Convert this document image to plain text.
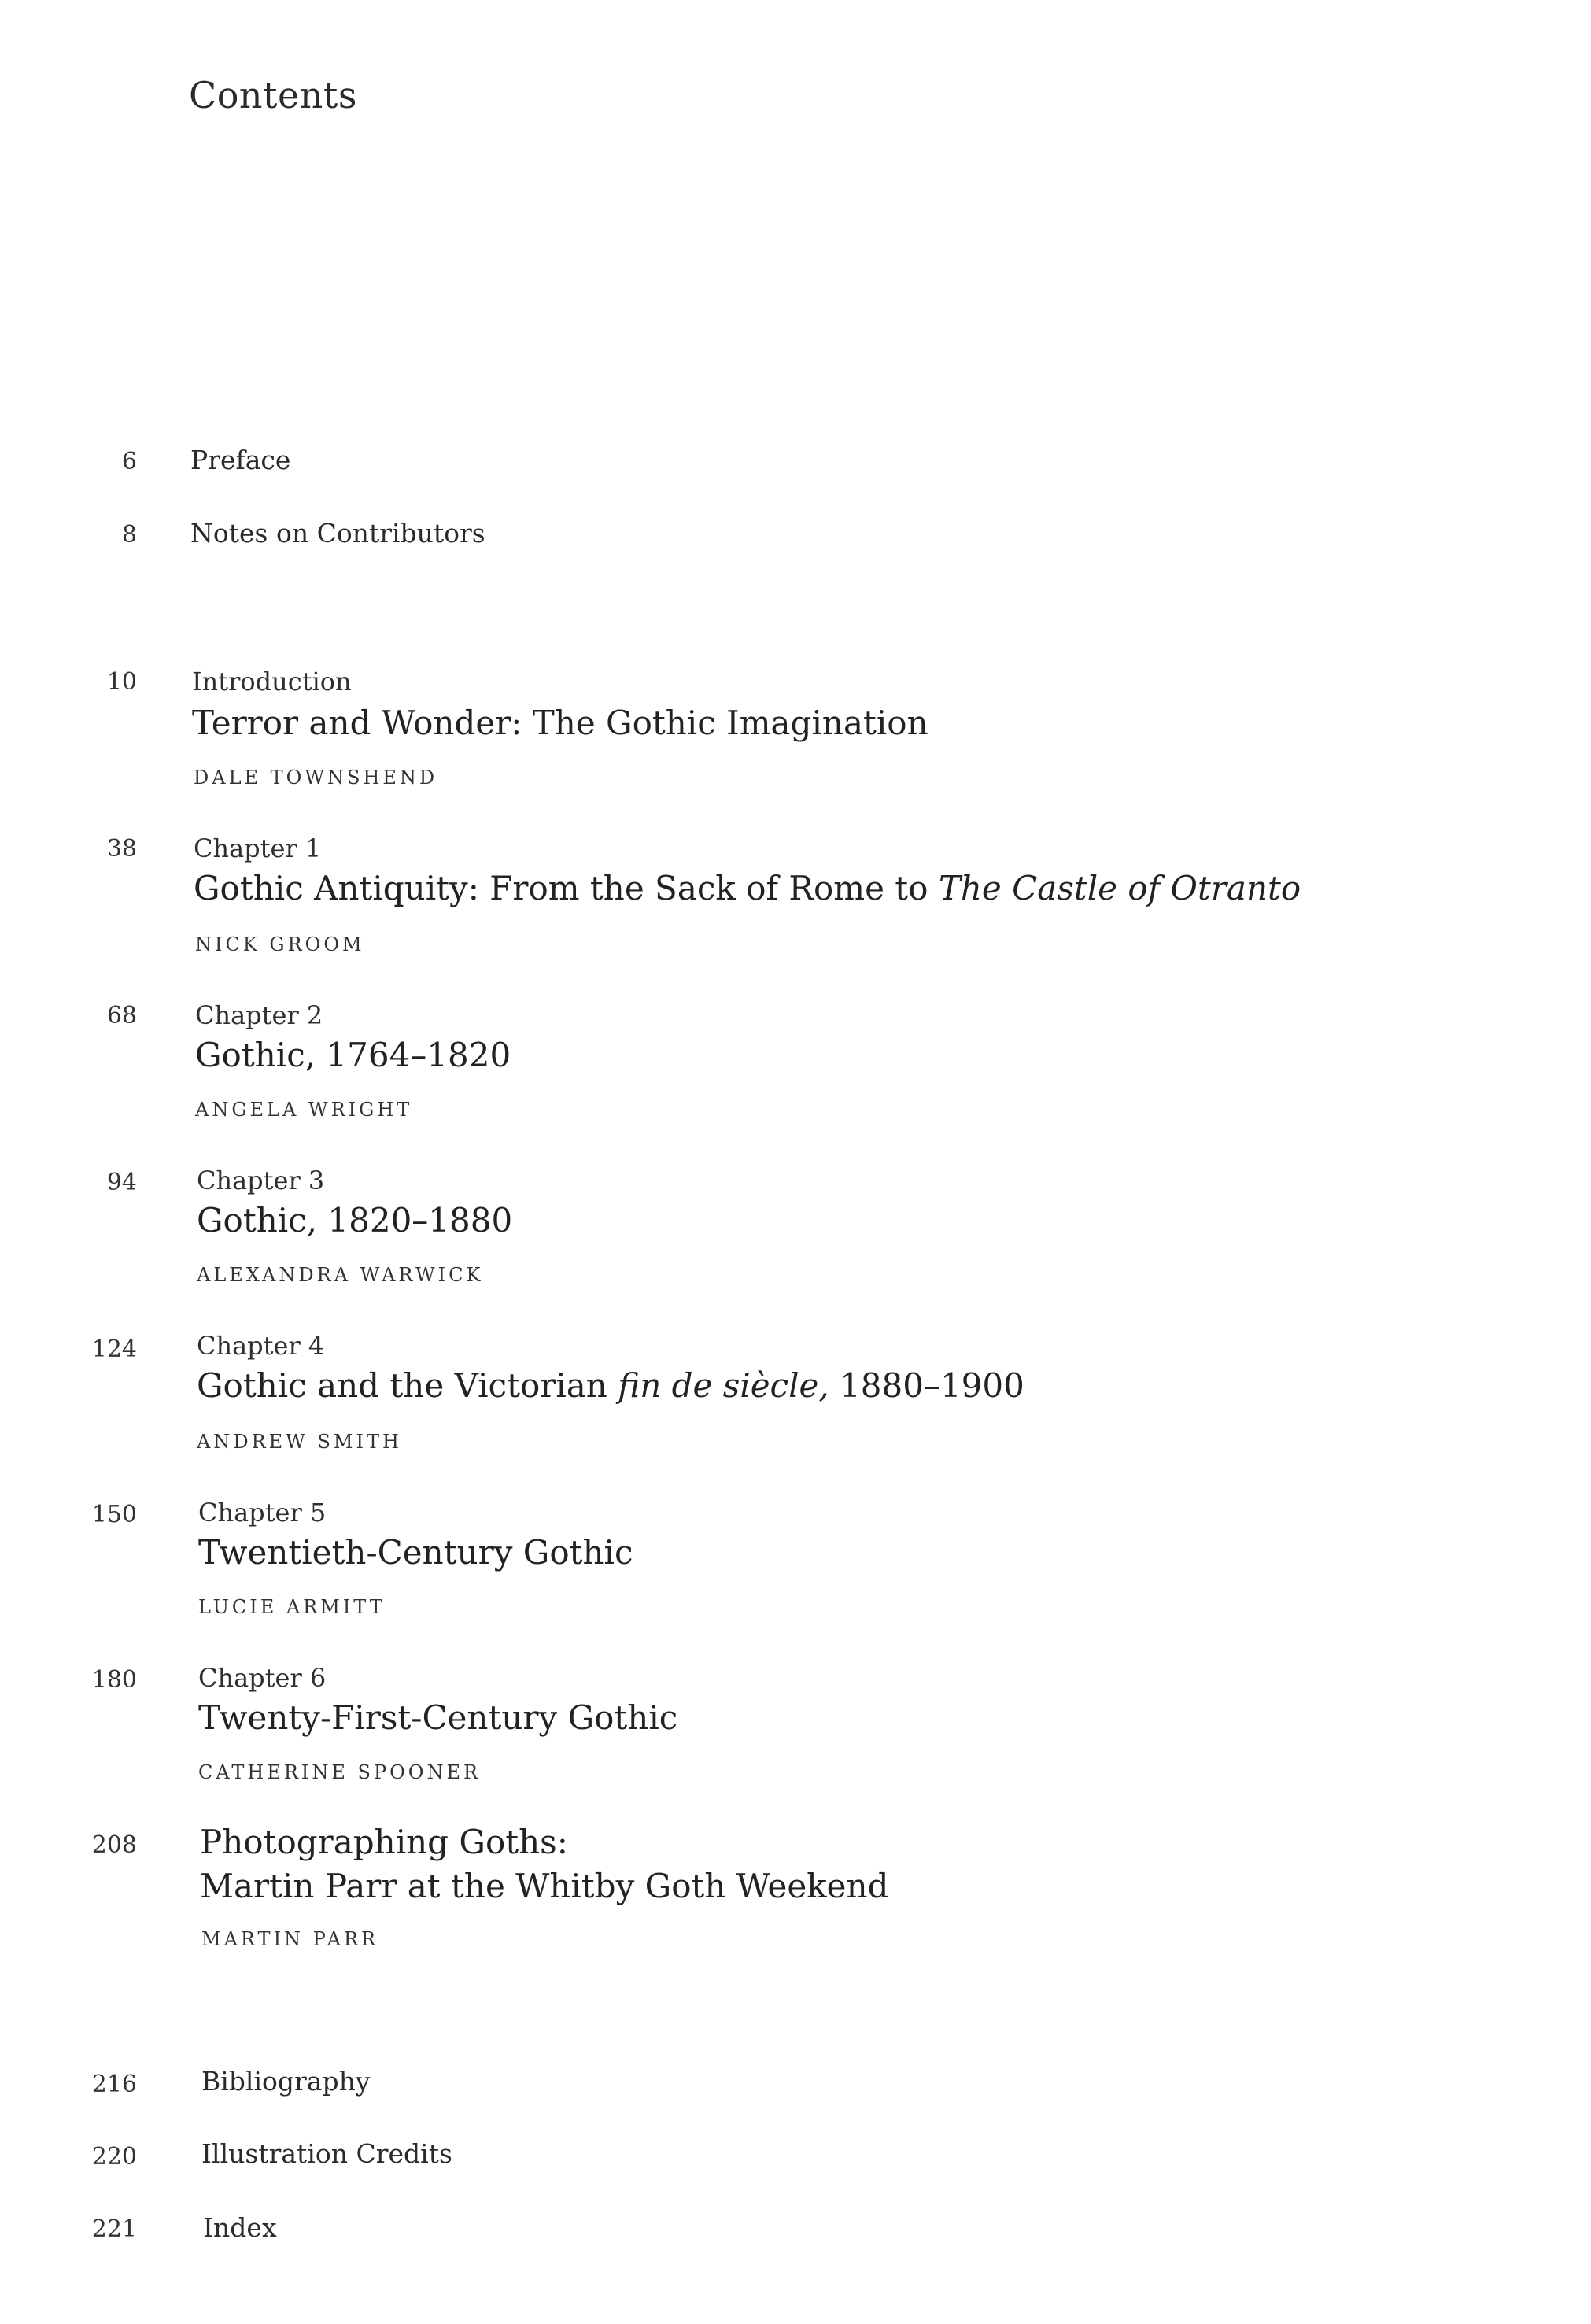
Contents
6 Preface
8 Notes on Contributors
10 Introduction
Terror and Wonder: The Gothic Imagination
DALE TOWNSHEND
38 Chapter 1
Gothic Antiquity: From the Sack of Rome to The Castle of Otranto
NICK GROOM
68 Chapter 2
Gothic, 1764–1820
ANGELA WRIGHT
94 Chapter 3
Gothic, 1820–1880
ALEXANDRA WARWICK
124 Chapter 4
Gothic and the Victorian fin de siècle, 1880–1900
ANDREW SMITH
150 Chapter 5
Twentieth-Century Gothic
LUCIE ARMITT
180 Chapter 6
Twenty-First-Century Gothic
CATHERINE SPOONER
208 Photographing Goths:
Martin Parr at the Whitby Goth Weekend
MARTIN PARR
216 Bibliography
220 Illustration Credits
221	Index
